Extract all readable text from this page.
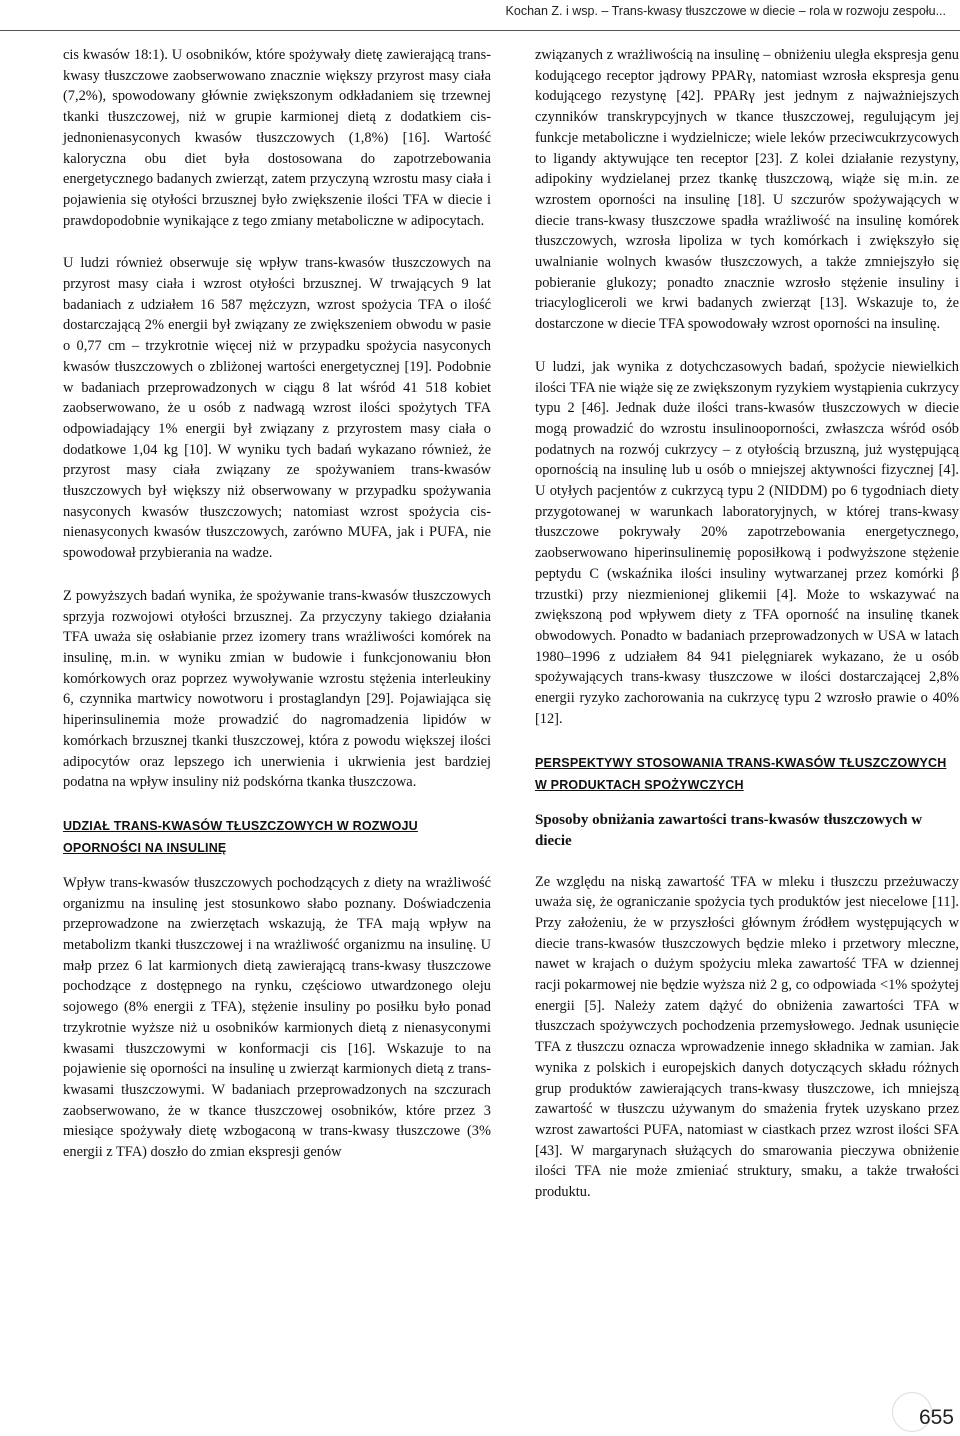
Kochan Z. i wsp. – Trans-kwasy tłuszczowe w diecie – rola w rozwoju zespołu...

cis kwasów 18:1). U osobników, które spożywały dietę zawierającą trans-kwasy tłuszczowe zaobserwowano znacznie większy przyrost masy ciała (7,2%), spowodowany głównie zwiększonym odkładaniem się trzewnej tkanki tłuszczowej, niż w grupie karmionej dietą z dodatkiem cis-jednonienasyconych kwasów tłuszczowych (1,8%) [16]. Wartość kaloryczna obu diet była dostosowana do zapotrzebowania energetycznego badanych zwierząt, zatem przyczyną wzrostu masy ciała i pojawienia się otyłości brzusznej było zwiększenie ilości TFA w diecie i prawdopodobnie wynikające z tego zmiany metaboliczne w adipocytach.

U ludzi również obserwuje się wpływ trans-kwasów tłuszczowych na przyrost masy ciała i wzrost otyłości brzusznej. W trwających 9 lat badaniach z udziałem 16 587 mężczyzn, wzrost spożycia TFA o ilość dostarczającą 2% energii był związany ze zwiększeniem obwodu w pasie o 0,77 cm – trzykrotnie więcej niż w przypadku spożycia nasyconych kwasów tłuszczowych o zbliżonej wartości energetycznej [19]. Podobnie w badaniach przeprowadzonych w ciągu 8 lat wśród 41 518 kobiet zaobserwowano, że u osób z nadwagą wzrost ilości spożytych TFA odpowiadający 1% energii był związany z przyrostem masy ciała o dodatkowe 1,04 kg [10]. W wyniku tych badań wykazano również, że przyrost masy ciała związany ze spożywaniem trans-kwasów tłuszczowych był większy niż obserwowany w przypadku spożywania nasyconych kwasów tłuszczowych; natomiast wzrost spożycia cis-nienasyconych kwasów tłuszczowych, zarówno MUFA, jak i PUFA, nie spowodował przybierania na wadze.

Z powyższych badań wynika, że spożywanie trans-kwasów tłuszczowych sprzyja rozwojowi otyłości brzusznej. Za przyczyny takiego działania TFA uważa się osłabianie przez izomery trans wrażliwości komórek na insulinę, m.in. w wyniku zmian w budowie i funkcjonowaniu błon komórkowych oraz poprzez wywoływanie wzrostu stężenia interleukiny 6, czynnika martwicy nowotworu i prostaglandyn [29]. Pojawiająca się hiperinsulinemia może prowadzić do nagromadzenia lipidów w komórkach brzusznej tkanki tłuszczowej, która z powodu większej ilości adipocytów oraz lepszego ich unerwienia i ukrwienia jest bardziej podatna na wpływ insuliny niż podskórna tkanka tłuszczowa.

UDZIAŁ TRANS-KWASÓW TŁUSZCZOWYCH W ROZWOJU OPORNOŚCI NA INSULINĘ

Wpływ trans-kwasów tłuszczowych pochodzących z diety na wrażliwość organizmu na insulinę jest stosunkowo słabo poznany. Doświadczenia przeprowadzone na zwierzętach wskazują, że TFA mają wpływ na metabolizm tkanki tłuszczowej i na wrażliwość organizmu na insulinę. U małp przez 6 lat karmionych dietą zawierającą trans-kwasy tłuszczowe pochodzące z dostępnego na rynku, częściowo utwardzonego oleju sojowego (8% energii z TFA), stężenie insuliny po posiłku było ponad trzykrotnie wyższe niż u osobników karmionych dietą z nienasyconymi kwasami tłuszczowymi w konformacji cis [16]. Wskazuje to na pojawienie się oporności na insulinę u zwierząt karmionych dietą z trans-kwasami tłuszczowymi. W badaniach przeprowadzonych na szczurach zaobserwowano, że w tkance tłuszczowej osobników, które przez 3 miesiące spożywały dietę wzbogaconą w trans-kwasy tłuszczowe (3% energii z TFA) doszło do zmian ekspresji genów

związanych z wrażliwością na insulinę – obniżeniu uległa ekspresja genu kodującego receptor jądrowy PPARγ, natomiast wzrosła ekspresja genu kodującego rezystynę [42]. PPARγ jest jednym z najważniejszych czynników transkrypcyjnych w tkance tłuszczowej, regulującym jej funkcje metaboliczne i wydzielnicze; wiele leków przeciwcukrzycowych to ligandy aktywujące ten receptor [23]. Z kolei działanie rezystyny, adipokiny wydzielanej przez tkankę tłuszczową, wiąże się m.in. ze wzrostem oporności na insulinę [18]. U szczurów spożywających w diecie trans-kwasy tłuszczowe spadła wrażliwość na insulinę komórek tłuszczowych, wzrosła lipoliza w tych komórkach i zwiększyło się uwalnianie wolnych kwasów tłuszczowych, a także zmniejszyło się pobieranie glukozy; ponadto znacznie wzrosło stężenie insuliny i triacylogliceroli we krwi badanych zwierząt [13]. Wskazuje to, że dostarczone w diecie TFA spowodowały wzrost oporności na insulinę.

U ludzi, jak wynika z dotychczasowych badań, spożycie niewielkich ilości TFA nie wiąże się ze zwiększonym ryzykiem wystąpienia cukrzycy typu 2 [46]. Jednak duże ilości trans-kwasów tłuszczowych w diecie mogą prowadzić do wzrostu insulinooporności, zwłaszcza wśród osób podatnych na rozwój cukrzycy – z otyłością brzuszną, już występującą opornością na insulinę lub u osób o mniejszej aktywności fizycznej [4]. U otyłych pacjentów z cukrzycą typu 2 (NIDDM) po 6 tygodniach diety przygotowanej w warunkach laboratoryjnych, w której trans-kwasy tłuszczowe pokrywały 20% zapotrzebowania energetycznego, zaobserwowano hiperinsulinemię poposiłkową i podwyższone stężenie peptydu C (wskaźnika ilości insuliny wytwarzanej przez komórki β trzustki) przy niezmienionej glikemii [4]. Może to wskazywać na zwiększoną pod wpływem diety z TFA oporność na insulinę tkanek obwodowych. Ponadto w badaniach przeprowadzonych w USA w latach 1980–1996 z udziałem 84 941 pielęgniarek wykazano, że u osób spożywających trans-kwasy tłuszczowe w ilości dostarczającej 2,8% energii ryzyko zachorowania na cukrzycę typu 2 wzrosło prawie o 40% [12].

PERSPEKTYWY STOSOWANIA TRANS-KWASÓW TŁUSZCZOWYCH W PRODUKTACH SPOŻYWCZYCH
Sposoby obniżania zawartości trans-kwasów tłuszczowych w diecie

Ze względu na niską zawartość TFA w mleku i tłuszczu przeżuwaczy uważa się, że ograniczanie spożycia tych produktów jest niecelowe [11]. Przy założeniu, że w przyszłości głównym źródłem występujących w diecie trans-kwasów tłuszczowych będzie mleko i przetwory mleczne, nawet w krajach o dużym spożyciu mleka zawartość TFA w dziennej racji pokarmowej nie będzie wyższa niż 2 g, co odpowiada <1% spożytej energii [5]. Należy zatem dążyć do obniżenia zawartości TFA w tłuszczach spożywczych pochodzenia przemysłowego. Jednak usunięcie TFA z tłuszczu oznacza wprowadzenie innego składnika w zamian. Jak wynika z polskich i europejskich danych dotyczących składu różnych grup produktów zawierających trans-kwasy tłuszczowe, ich mniejszą zawartość w tłuszczu używanym do smażenia frytek uzyskano przez wzrost zawartości PUFA, natomiast w ciastkach przez wzrost ilości SFA [43]. W margarynach służących do smarowania pieczywa obniżenie ilości TFA nie może zmieniać struktury, smaku, a także trwałości produktu.

655
